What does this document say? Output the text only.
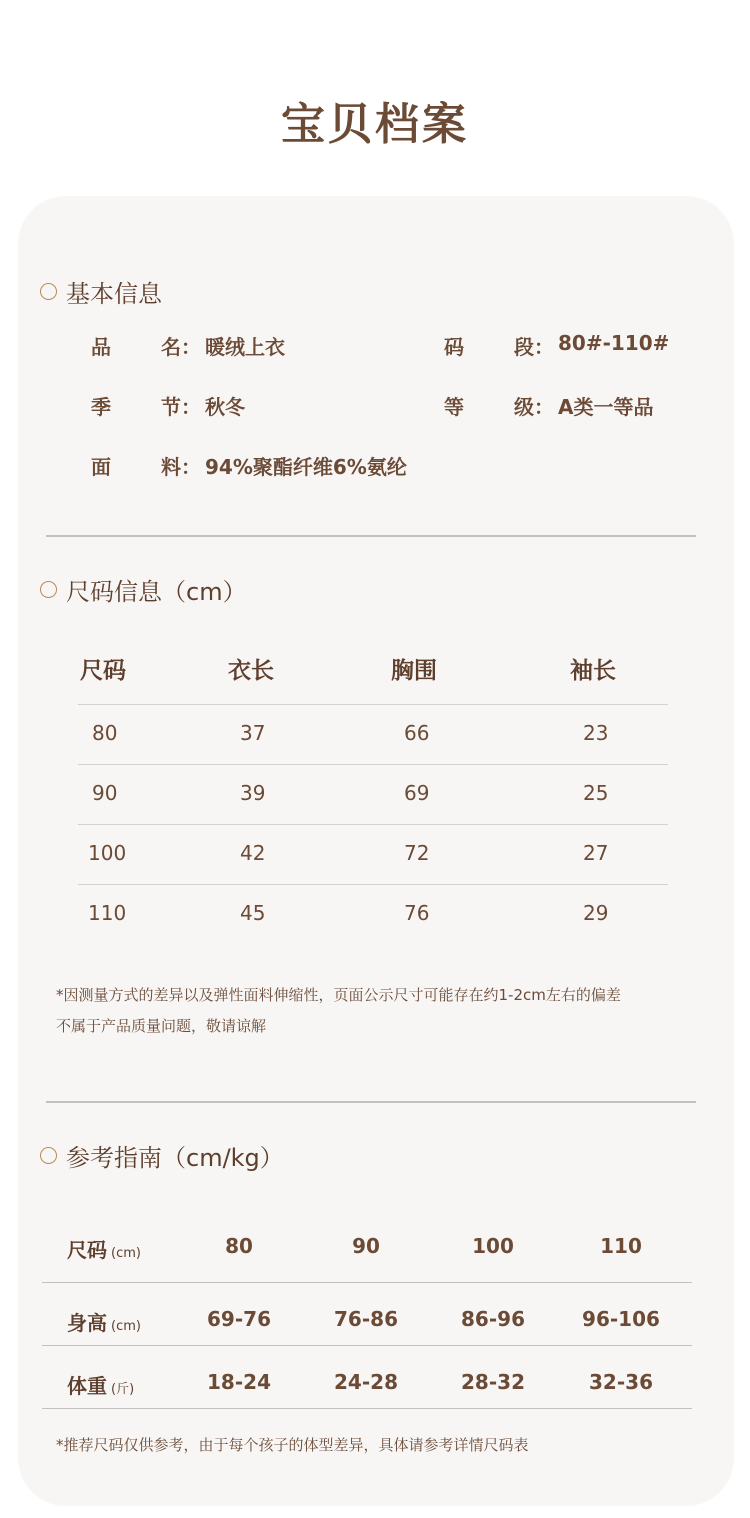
宝贝档案
基本信息
品	名： 暖绒上衣	码	段： 80#-110#
季	节： 秋冬	等	级： A类一等品
面	料： 94%聚酯纤维6%氨纶
尺码信息（cm）
尺码	衣长	胸围	袖长
80	37	66	23
90	39	69	25
100	42	72	27
110	45	76	29
*因测量方式的差异以及弹性面料伸缩性，页面公示尺寸可能存在约1-2cm左右的偏差
不属于产品质量问题，敬请谅解
参考指南（cm/kg）
尺码 (cm)	80	90	100	110
身高 (cm)	69-76	76-86	86-96	96-106
体重 (斤)	18-24	24-28	28-32	32-36
*推荐尺码仅供参考，由于每个孩子的体型差异，具体请参考详情尺码表
